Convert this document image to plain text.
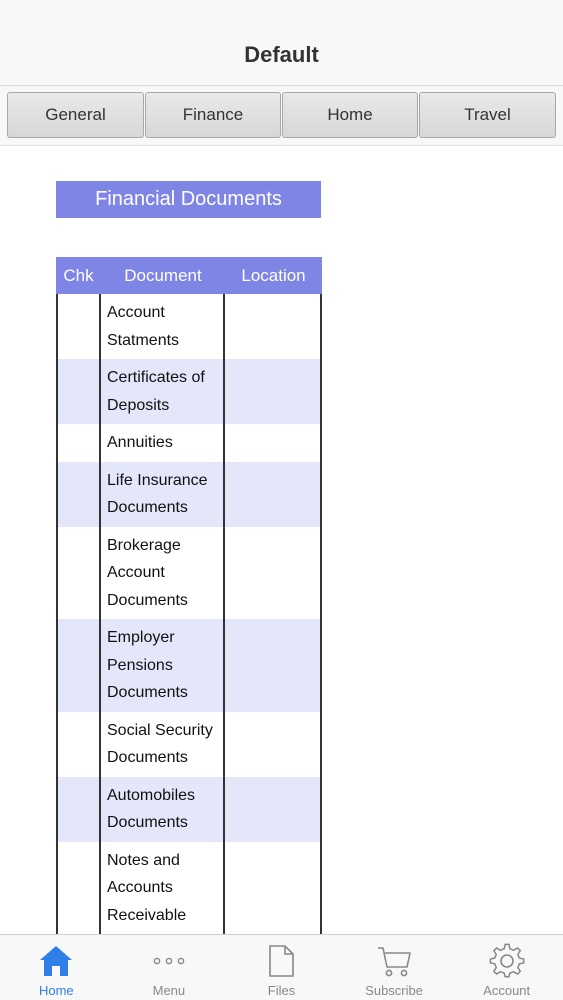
Default
General	Finance	Home	Travel
Financial Documents
Chk	Document	Location
Account Statments
Certificates of Deposits
Annuities
Life Insurance Documents
Brokerage Account Documents
Employer Pensions Documents
Social Security Documents
Automobiles Documents
Notes and Accounts Receivable
Home	Menu	Files	Subscribe	Account
